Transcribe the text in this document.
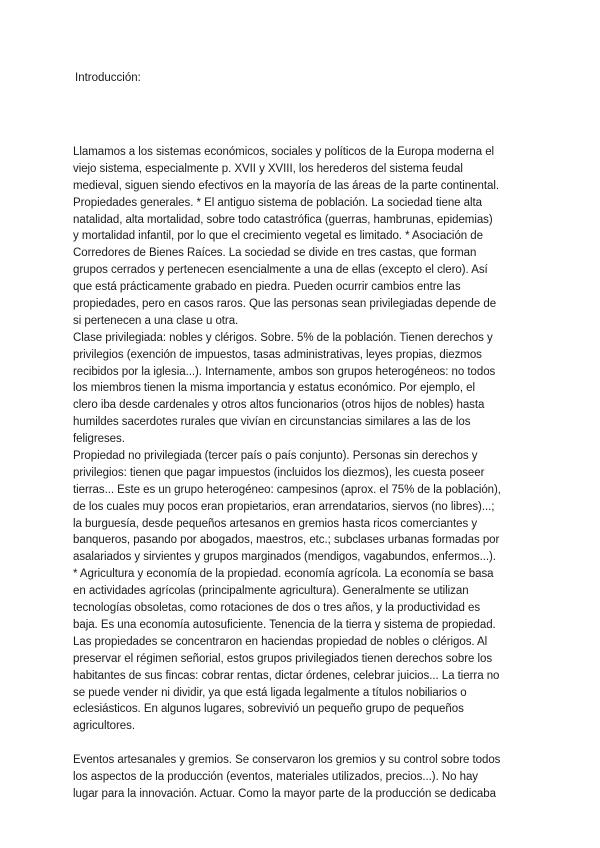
Introducción:
Llamamos a los sistemas económicos, sociales y políticos de la Europa moderna el
viejo sistema, especialmente p. XVII y XVIII, los herederos del sistema feudal
medieval, siguen siendo efectivos en la mayoría de las áreas de la parte continental.
Propiedades generales. * El antiguo sistema de población. La sociedad tiene alta
natalidad, alta mortalidad, sobre todo catastrófica (guerras, hambrunas, epidemias)
y mortalidad infantil, por lo que el crecimiento vegetal es limitado. * Asociación de
Corredores de Bienes Raíces. La sociedad se divide en tres castas, que forman
grupos cerrados y pertenecen esencialmente a una de ellas (excepto el clero). Así
que está prácticamente grabado en piedra. Pueden ocurrir cambios entre las
propiedades, pero en casos raros. Que las personas sean privilegiadas depende de
si pertenecen a una clase u otra.
Clase privilegiada: nobles y clérigos. Sobre. 5% de la población. Tienen derechos y
privilegios (exención de impuestos, tasas administrativas, leyes propias, diezmos
recibidos por la iglesia...). Internamente, ambos son grupos heterogéneos: no todos
los miembros tienen la misma importancia y estatus económico. Por ejemplo, el
clero iba desde cardenales y otros altos funcionarios (otros hijos de nobles) hasta
humildes sacerdotes rurales que vivían en circunstancias similares a las de los
feligreses.
Propiedad no privilegiada (tercer país o país conjunto). Personas sin derechos y
privilegios: tienen que pagar impuestos (incluidos los diezmos), les cuesta poseer
tierras... Este es un grupo heterogéneo: campesinos (aprox. el 75% de la población),
de los cuales muy pocos eran propietarios, eran arrendatarios, siervos (no libres)...;
la burguesía, desde pequeños artesanos en gremios hasta ricos comerciantes y
banqueros, pasando por abogados, maestros, etc.; subclases urbanas formadas por
asalariados y sirvientes y grupos marginados (mendigos, vagabundos, enfermos...).
* Agricultura y economía de la propiedad. economía agrícola. La economía se basa
en actividades agrícolas (principalmente agricultura). Generalmente se utilizan
tecnologías obsoletas, como rotaciones de dos o tres años, y la productividad es
baja. Es una economía autosuficiente. Tenencia de la tierra y sistema de propiedad.
Las propiedades se concentraron en haciendas propiedad de nobles o clérigos. Al
preservar el régimen señorial, estos grupos privilegiados tienen derechos sobre los
habitantes de sus fincas: cobrar rentas, dictar órdenes, celebrar juicios... La tierra no
se puede vender ni dividir, ya que está ligada legalmente a títulos nobiliarios o
eclesiásticos. En algunos lugares, sobrevivió un pequeño grupo de pequeños
agricultores.
Eventos artesanales y gremios. Se conservaron los gremios y su control sobre todos
los aspectos de la producción (eventos, materiales utilizados, precios...). No hay
lugar para la innovación. Actuar. Como la mayor parte de la producción se dedicaba
